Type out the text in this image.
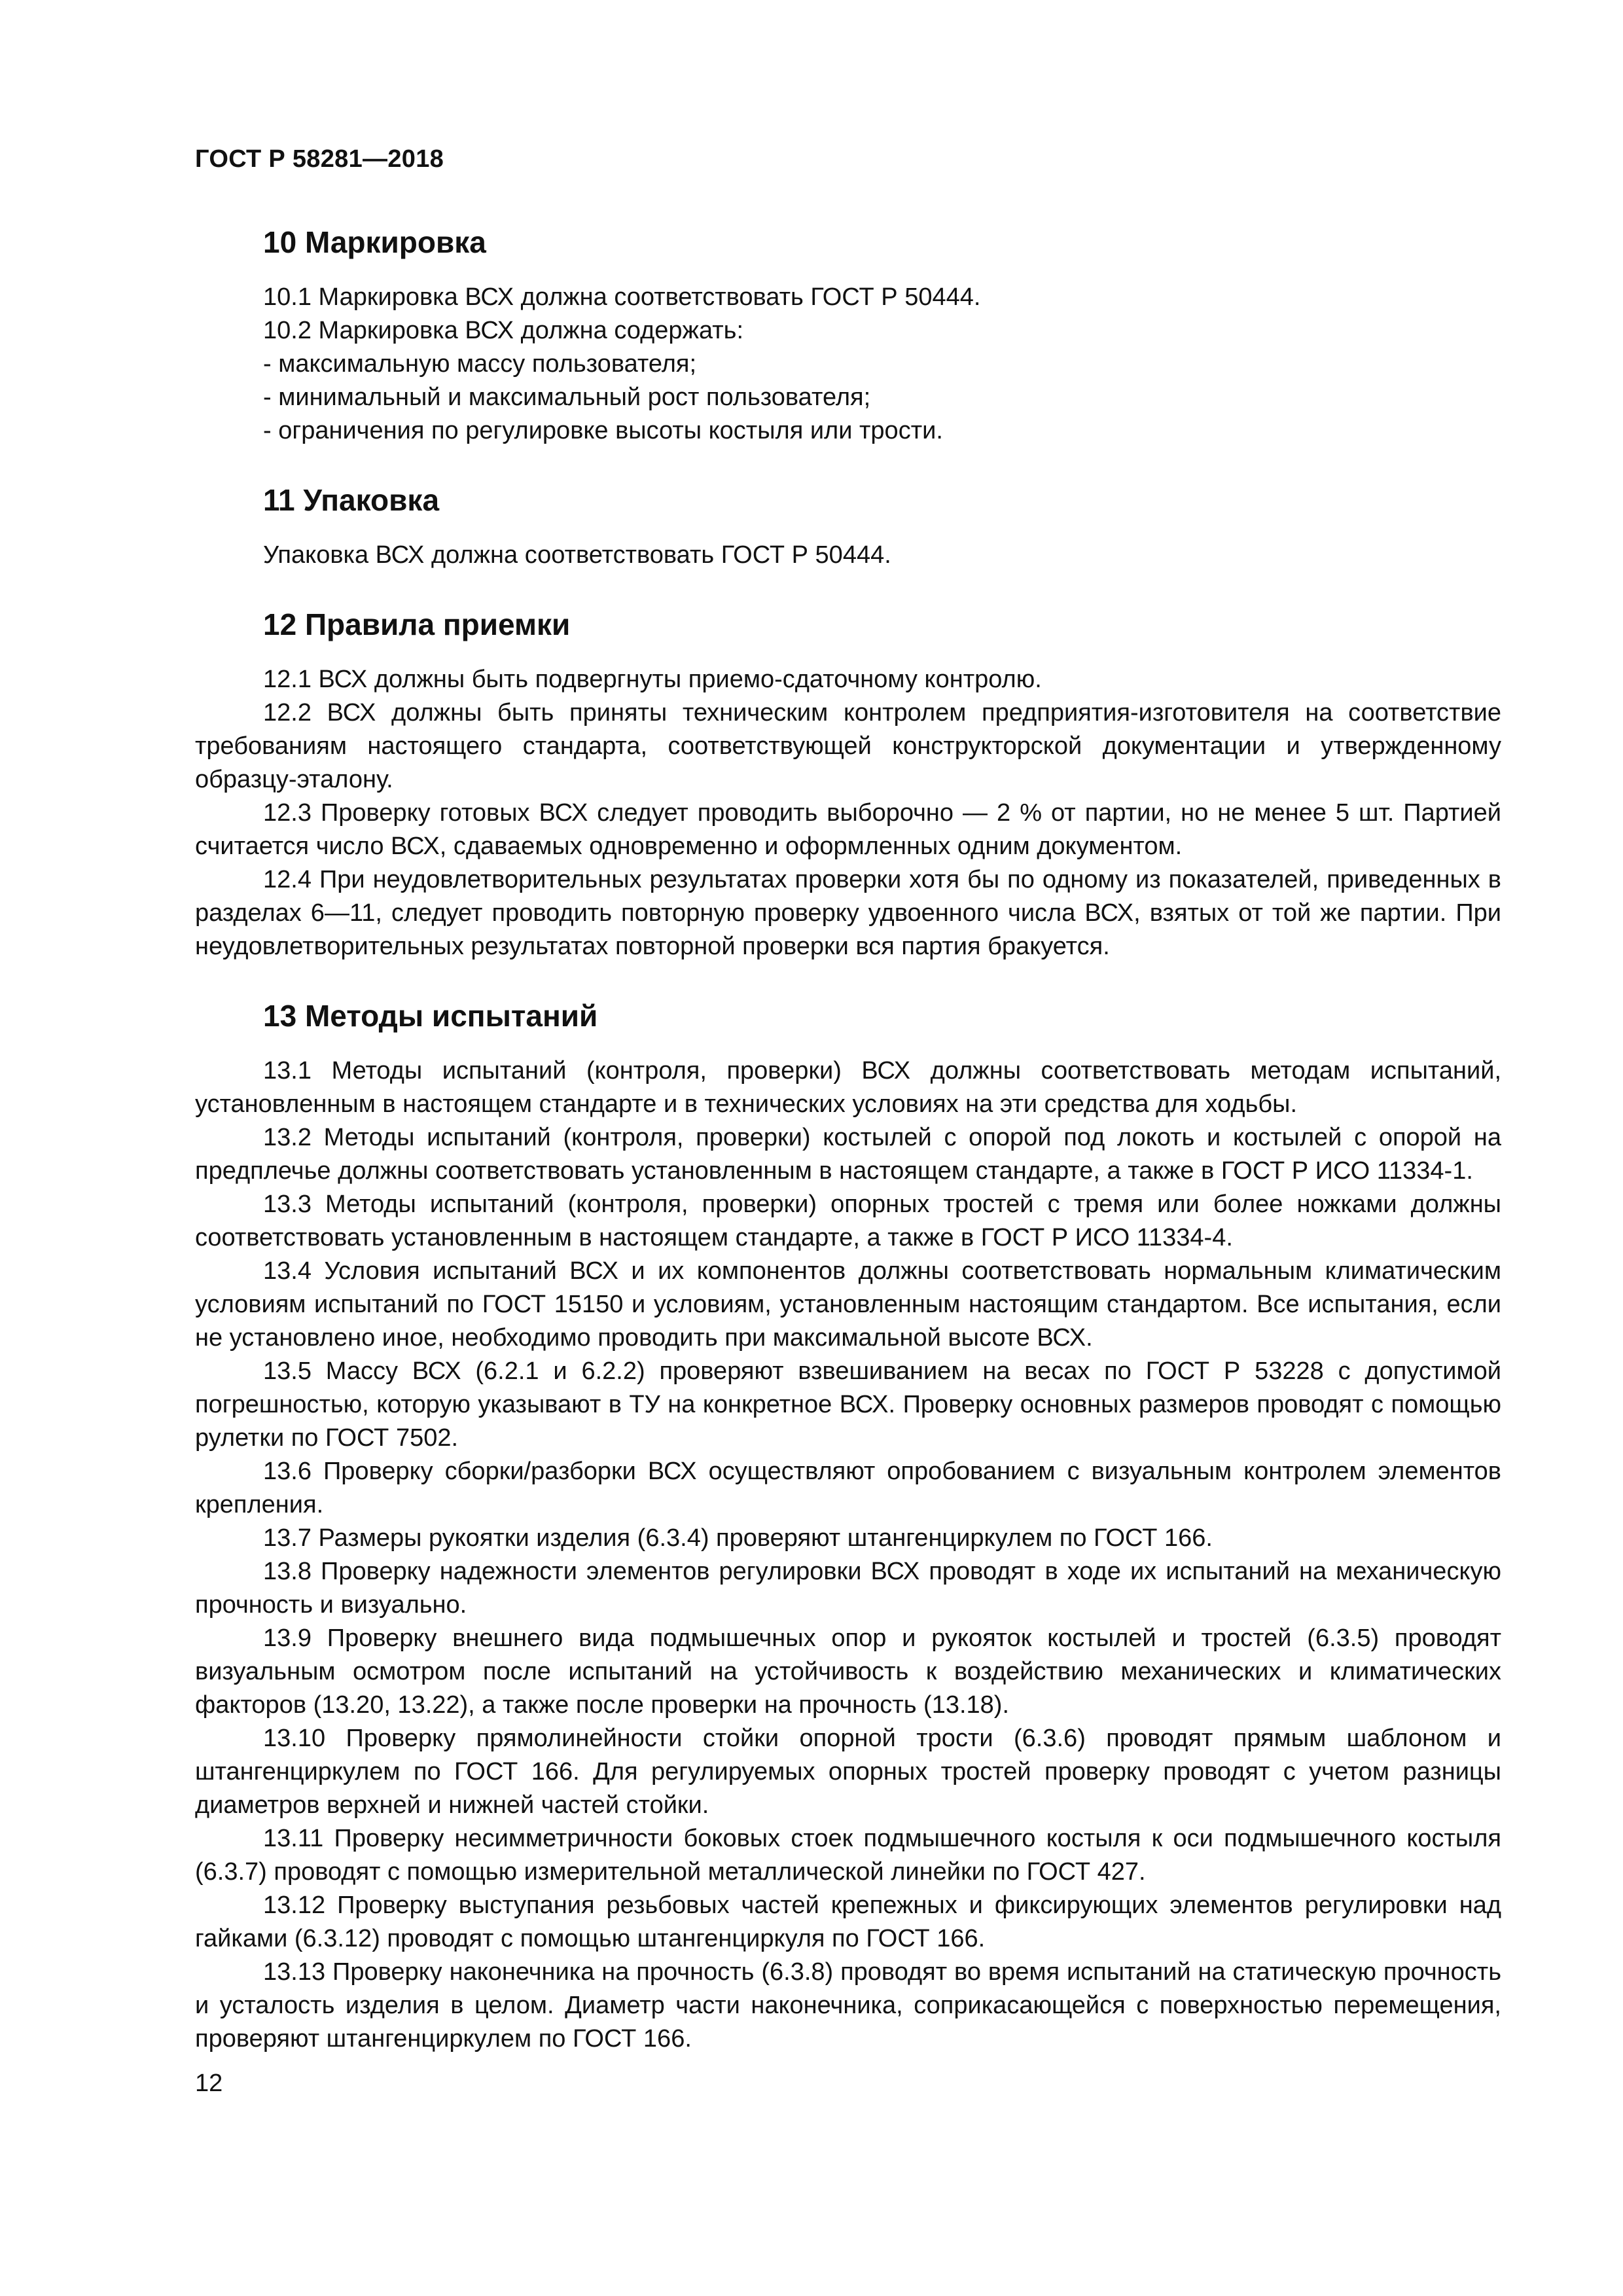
ГОСТ Р 58281—2018
10 Маркировка

10.1 Маркировка ВСХ должна соответствовать ГОСТ Р 50444.

10.2 Маркировка ВСХ должна содержать:

- максимальную массу пользователя;

- минимальный и максимальный рост пользователя;

- ограничения по регулировке высоты костыля или трости.

11 Упаковка

Упаковка ВСХ должна соответствовать ГОСТ Р 50444.

12 Правила приемки

12.1 ВСХ должны быть подвергнуты приемо-сдаточному контролю.

12.2 ВСХ должны быть приняты техническим контролем предприятия-изготовителя на соответствие требованиям настоящего стандарта, соответствующей конструкторской документации и утвержденному образцу-эталону.

12.3 Проверку готовых ВСХ следует проводить выборочно — 2 % от партии, но не менее 5 шт. Партией считается число ВСХ, сдаваемых одновременно и оформленных одним документом.

12.4 При неудовлетворительных результатах проверки хотя бы по одному из показателей, приведенных в разделах 6—11, следует проводить повторную проверку удвоенного числа ВСХ, взятых от той же партии. При неудовлетворительных результатах повторной проверки вся партия бракуется.

13 Методы испытаний

13.1 Методы испытаний (контроля, проверки) ВСХ должны соответствовать методам испытаний, установленным в настоящем стандарте и в технических условиях на эти средства для ходьбы.

13.2 Методы испытаний (контроля, проверки) костылей с опорой под локоть и костылей с опорой на предплечье должны соответствовать установленным в настоящем стандарте, а также в ГОСТ Р ИСО 11334-1.

13.3 Методы испытаний (контроля, проверки) опорных тростей с тремя или более ножками должны соответствовать установленным в настоящем стандарте, а также в ГОСТ Р ИСО 11334-4.

13.4 Условия испытаний ВСХ и их компонентов должны соответствовать нормальным климатическим условиям испытаний по ГОСТ 15150 и условиям, установленным настоящим стандартом. Все испытания, если не установлено иное, необходимо проводить при максимальной высоте ВСХ.

13.5 Массу ВСХ (6.2.1 и 6.2.2) проверяют взвешиванием на весах по ГОСТ Р 53228 с допустимой погрешностью, которую указывают в ТУ на конкретное ВСХ. Проверку основных размеров проводят с помощью рулетки по ГОСТ 7502.

13.6 Проверку сборки/разборки ВСХ осуществляют опробованием с визуальным контролем элементов крепления.

13.7 Размеры рукоятки изделия (6.3.4) проверяют штангенциркулем по ГОСТ 166.

13.8 Проверку надежности элементов регулировки ВСХ проводят в ходе их испытаний на механическую прочность и визуально.

13.9 Проверку внешнего вида подмышечных опор и рукояток костылей и тростей (6.3.5) проводят визуальным осмотром после испытаний на устойчивость к воздействию механических и климатических факторов (13.20, 13.22), а также после проверки на прочность (13.18).

13.10 Проверку прямолинейности стойки опорной трости (6.3.6) проводят прямым шаблоном и штангенциркулем по ГОСТ 166. Для регулируемых опорных тростей проверку проводят с учетом разницы диаметров верхней и нижней частей стойки.

13.11 Проверку несимметричности боковых стоек подмышечного костыля к оси подмышечного костыля (6.3.7) проводят с помощью измерительной металлической линейки по ГОСТ 427.

13.12 Проверку выступания резьбовых частей крепежных и фиксирующих элементов регулировки над гайками (6.3.12) проводят с помощью штангенциркуля по ГОСТ 166.

13.13 Проверку наконечника на прочность (6.3.8) проводят во время испытаний на статическую прочность и усталость изделия в целом. Диаметр части наконечника, соприкасающейся с поверхностью перемещения, проверяют штангенциркулем по ГОСТ 166.

12
